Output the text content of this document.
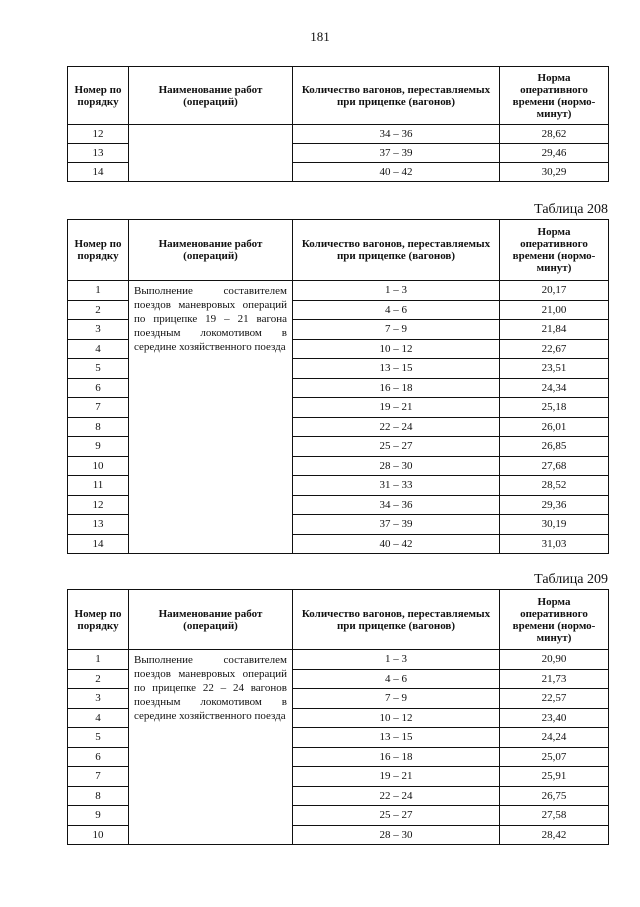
181
Номер по порядку	Наименование работ (операций)	Количество вагонов, переставляемых при прицепке (вагонов)	Норма оперативного времени (нормо-минут)
12		34 – 36	28,62
13		37 – 39	29,46
14		40 – 42	30,29
Таблица 208
Номер по порядку	Наименование работ (операций)	Количество вагонов, переставляемых при прицепке (вагонов)	Норма оперативного времени (нормо-минут)
1	Выполнение составителем поездов маневровых операций по прицепке 19 – 21 вагона поездным локомотивом в середине хозяйственного поезда	1 – 3	20,17
2		4 – 6	21,00
3		7 – 9	21,84
4		10 – 12	22,67
5		13 – 15	23,51
6		16 – 18	24,34
7		19 – 21	25,18
8		22 – 24	26,01
9		25 – 27	26,85
10		28 – 30	27,68
11		31 – 33	28,52
12		34 – 36	29,36
13		37 – 39	30,19
14		40 – 42	31,03
Таблица 209
Номер по порядку	Наименование работ (операций)	Количество вагонов, переставляемых при прицепке (вагонов)	Норма оперативного времени (нормо-минут)
1	Выполнение составителем поездов маневровых операций по прицепке 22 – 24 вагонов поездным локомотивом в середине хозяйственного поезда	1 – 3	20,90
2		4 – 6	21,73
3		7 – 9	22,57
4		10 – 12	23,40
5		13 – 15	24,24
6		16 – 18	25,07
7		19 – 21	25,91
8		22 – 24	26,75
9		25 – 27	27,58
10		28 – 30	28,42
